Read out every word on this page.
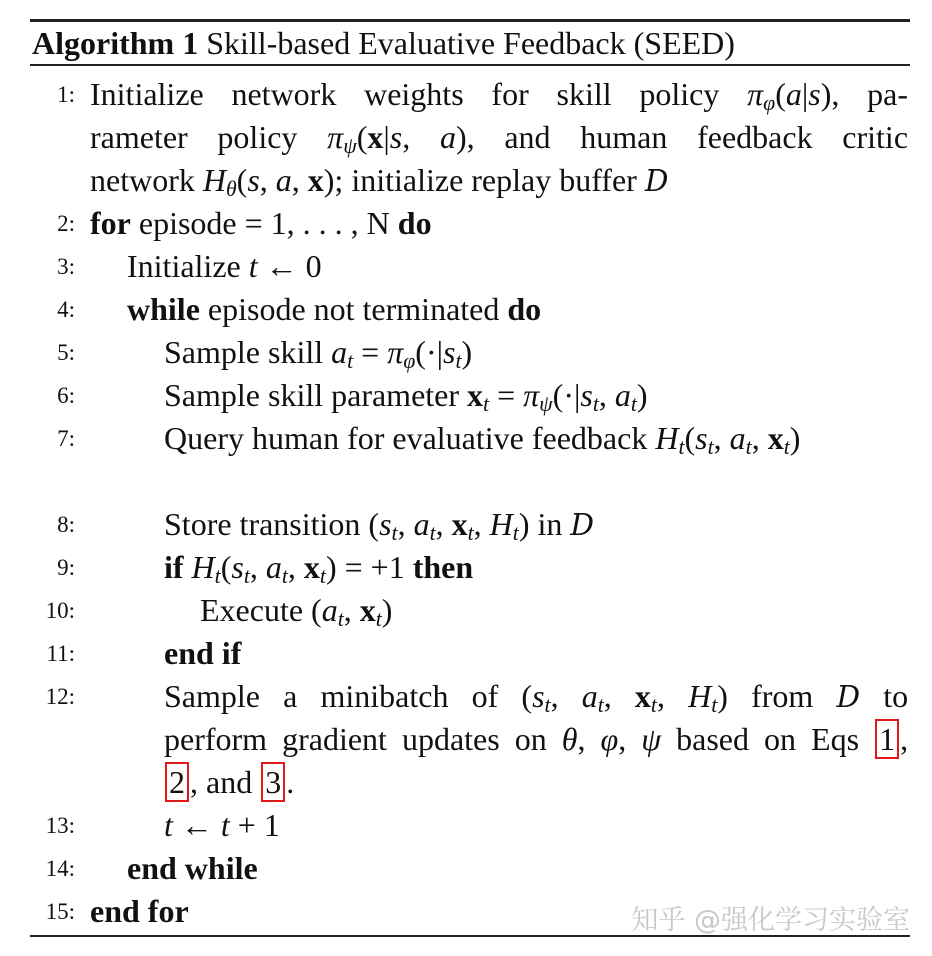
Algorithm 1 Skill-based Evaluative Feedback (SEED)
1: Initialize network weights for skill policy $\pi_\varphi(a|s)$, pa-
rameter policy $\pi_\psi(x|s$, a), and human feedback critic
network $H_\theta(s$, a, x); initialize replay buffer D
2: for episode = 1, . . . , N do
3: Initialize t ← 0
4: while episode not terminated do
5:	Sample skill $a_t = \pi_\varphi(\cdot|s_t)$
6:	Sample skill parameter $x_t = \pi_\psi(\cdot|s_t$, $a_t$)
7:	Query human for evaluative feedback $H_t(s_t$, $a_t$, $x_t$)
8:	Store transition ($s_t$, $a_t$, $x_t$, $H_t$) in D
9:	if $H_t(s_t$, $a_t$, $x_t) = +1$ then
10:	Execute ($a_t$, $x_t$)
11:	end if
12:	Sample a minibatch of ($s_t$, $a_t$, $x_t$, $H_t$) from D to
perform gradient updates on θ, φ, ψ based on Eqs 1 ,
2 , and 3 .
13:	t ← t + 1
14: end while
15: end for	知乎 @强化学习实验室
